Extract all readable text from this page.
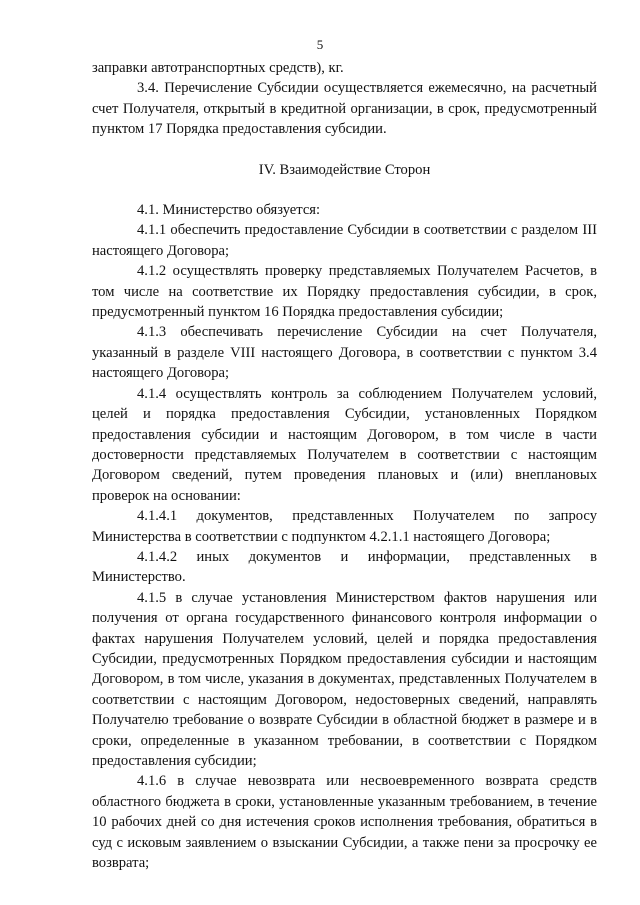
5

заправки автотранспортных средств), кг.

3.4. Перечисление Субсидии осуществляется ежемесячно, на расчетный счет Получателя, открытый в кредитной организации, в срок, предусмотренный пунктом 17 Порядка предоставления субсидии.

IV. Взаимодействие Сторон

4.1. Министерство обязуется:

4.1.1 обеспечить предоставление Субсидии в соответствии с разделом III настоящего Договора;

4.1.2 осуществлять проверку представляемых Получателем Расчетов, в том числе на соответствие их Порядку предоставления субсидии, в срок, предусмотренный пунктом 16 Порядка предоставления субсидии;

4.1.3 обеспечивать перечисление Субсидии на счет Получателя, указанный в разделе VIII настоящего Договора, в соответствии с пунктом 3.4 настоящего Договора;

4.1.4 осуществлять контроль за соблюдением Получателем условий, целей и порядка предоставления Субсидии, установленных Порядком предоставления субсидии и настоящим Договором, в том числе в части достоверности представляемых Получателем в соответствии с настоящим Договором сведений, путем проведения плановых и (или) внеплановых проверок на основании:

4.1.4.1 документов, представленных Получателем по запросу Министерства в соответствии с подпунктом 4.2.1.1 настоящего Договора;

4.1.4.2 иных документов и информации, представленных в Министерство.

4.1.5 в случае установления Министерством фактов нарушения или получения от органа государственного финансового контроля информации о фактах нарушения Получателем условий, целей и порядка предоставления Субсидии, предусмотренных Порядком предоставления субсидии и настоящим Договором, в том числе, указания в документах, представленных Получателем в соответствии с настоящим Договором, недостоверных сведений, направлять Получателю требование о возврате Субсидии в областной бюджет в размере и в сроки, определенные в указанном требовании, в соответствии с Порядком предоставления субсидии;

4.1.6 в случае невозврата или несвоевременного возврата средств областного бюджета в сроки, установленные указанным требованием, в течение 10 рабочих дней со дня истечения сроков исполнения требования, обратиться в суд с исковым заявлением о взыскании Субсидии, а также пени за просрочку ее возврата;
